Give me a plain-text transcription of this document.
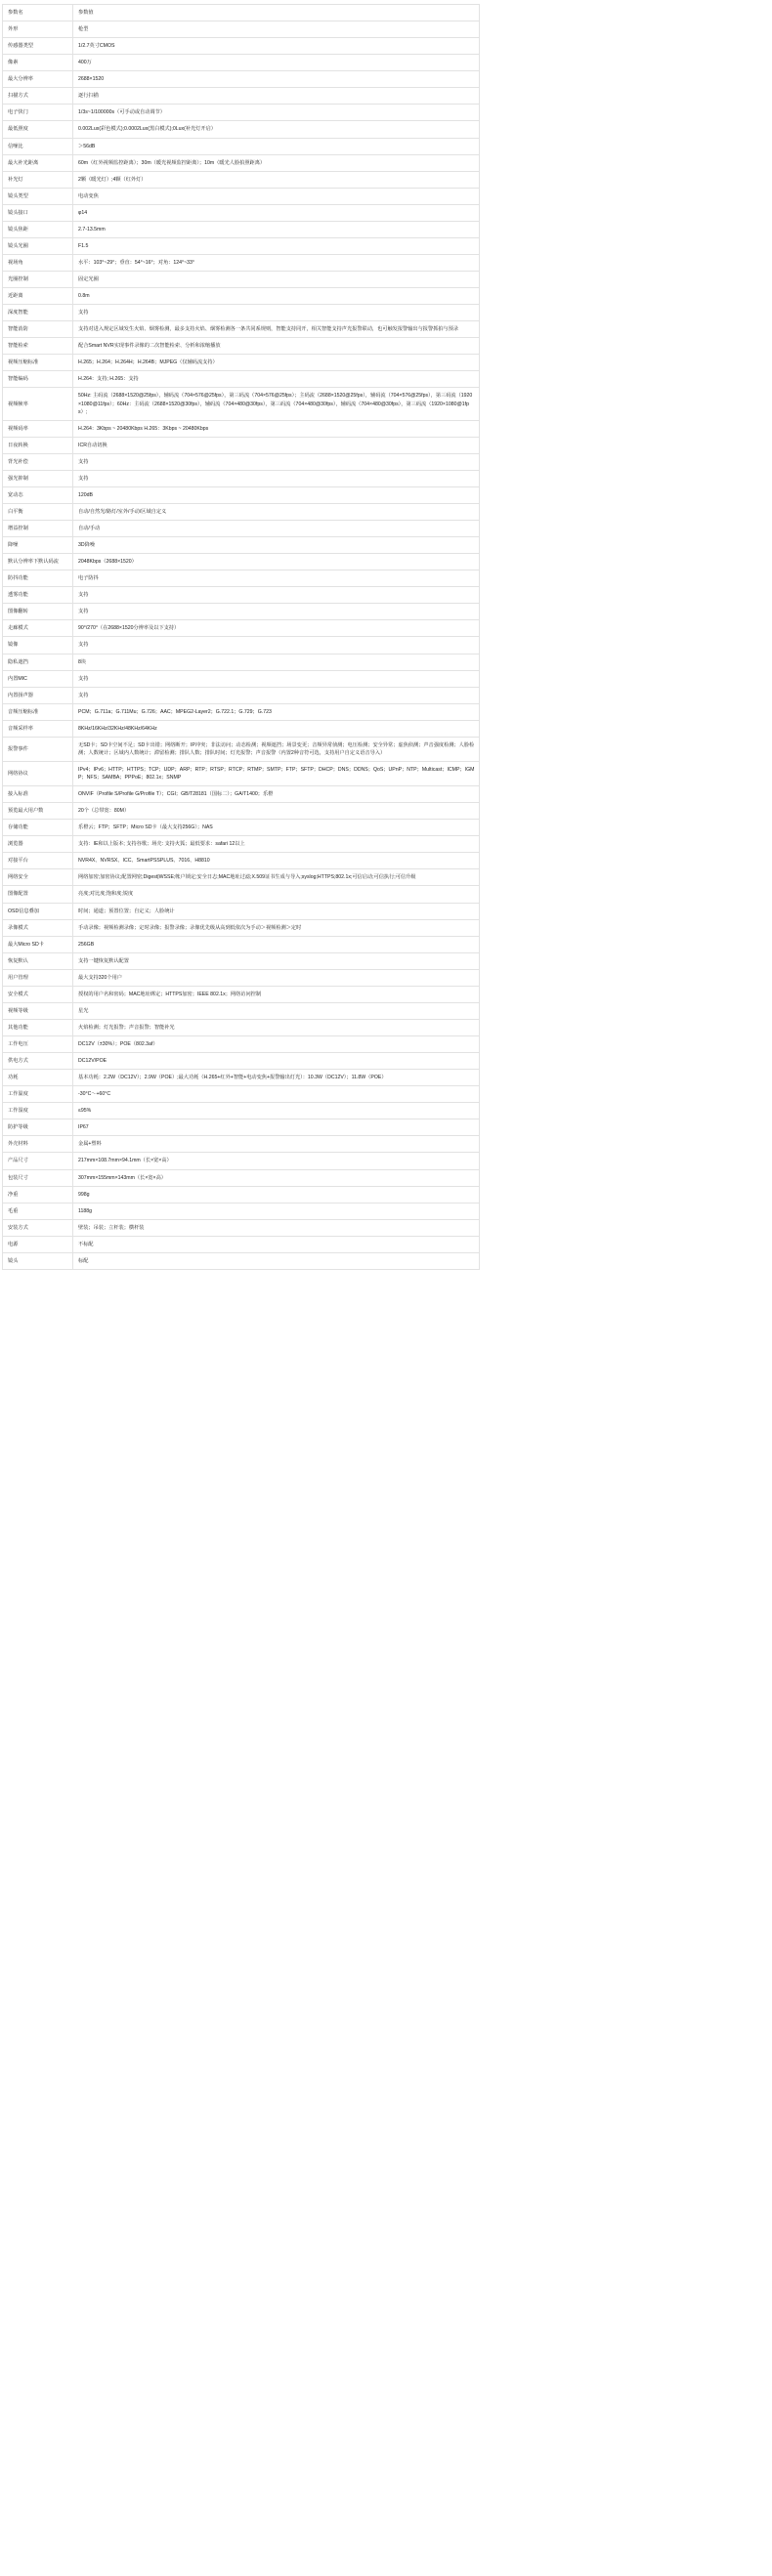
参数名	参数值
外形	枪型
传感器类型	1/2.7英寸CMOS
像素	400万
最大分辨率	2688×1520
扫描方式	逐行扫描
电子快门	1/3s~1/100000s（可手动或自动调节）
最低照度	0.002Lux(彩色模式);0.0002Lux(黑白模式);0Lux(补光灯开启）
信噪比	＞56dB
最大补光距离	60m（红外视频监控距离）；30m（暖光视频监控距离）；10m（暖光人脸拍照距离）
补光灯	2颗（暖光灯）;4颗（红外灯）
镜头类型	电动变焦
镜头接口	φ14
镜头焦距	2.7-13.5mm
镜头光圈	F1.5
视场角	水平：103°~29°；垂直：54°~16°；对角：124°~33°
光圈控制	固定光圈
近距离	0.8m
深度智能	支持
智能消防	支持对进入规定区域发生火焰、烟雾检测，最多支持火焰、烟雾检测各一条共同系规则，智能支持同开，相关智能支持声光报警联动，也可触发报警输出与报警抓拍与预录
智能检索	配合Smart NVR实现事件录像的二次智能检索、分析和浓缩播放
视频压缩标准	H.265；H.264；H.264H；H.264B；MJPEG（仅辅码流支持）
智能编码	H.264：支持; H.265：支持
视频帧率	50Hz: 主码流（2688×1520@25fps），辅码流（704×576@25fps），第三码流（704×576@25fps）；主码流（2688×1520@25fps），辅码流（704×576@25fps），第三码流（1920×1080@11fps）；60Hz：主码流（2688×1520@30fps），辅码流（704×480@30fps），第三码流（704×480@30fps），辅码流（704×480@30fps），第三码流（1920×1080@1fps）;
视频码率	H.264：3Kbps ~ 20480Kbps H.265：3Kbps ~ 20480Kbps
日夜转换	ICR自动切换
背光补偿	支持
强光抑制	支持
宽动态	120dB
白平衡	自动/自然光/路灯/室外/手动/区域自定义
增益控制	自动/手动
降噪	3D降噪
默认分辨率下默认码流	2048Kbps（2688×1520）
防抖功能	电子防抖
透雾功能	支持
图像翻转	支持
走廊模式	90°/270°（在2688×1520分辨率及以下支持）
镜像	支持
隐私遮挡	8块
内置MIC	支持
内置扬声器	支持
音频压缩标准	PCM；G.711a；G.711Mu；G.726；AAC；MPEG2-Layer2；G.722.1；G.729；G.723
音频采样率	8KHz/16KHz/32KHz/48KHz/64KHz
报警事件	无SD卡；SD卡空间不足；SD卡出错；网络断开；IP冲突；非法访问；动态检测；视频遮挡；场景变更；音频异常侦测；电压检测；安全异常；虚焦侦测；声音强度检测；人脸检测；人数统计；区域内人数统计；滞留检测；排队人数；排队时间；灯光报警；声音报警（内置2种音符可选，支持用户自定义语音导入）
网络协议	IPv4；IPv6；HTTP；HTTPS；TCP；UDP；ARP；RTP；RTSP；RTCP；RTMP；SMTP；FTP；SFTP；DHCP；DNS；DDNS；QoS；UPnP；NTP；Multicast；ICMP；IGMP；NFS；SAMBA；PPPoE；802.1x；SNMP
接入标准	ONVIF（Profile S/Profile G/Profile T）；CGI；GB/T28181（国标二）；GA/T1400；乐橙
预览最大用户数	20个（总带宽：80M）
存储功能	乐橙云；FTP；SFTP；Micro SD卡（最大支持256G）；NAS
浏览器	支持：IE和以上版本; 支持谷歌；场壳: 支持火狐；最低要求：safari 12以上
对接平台	NVR4X、NVRSX、ICC、SmartPSSPLUS、7016、H8810
网络安全	网络加密;加密协议;配置网密;Digest|WSSE;帐户锁定;安全日志;MAC地址过滤;X.509证书生成与导入;syslog;HTTPS;802.1x;可信启动;可信执行;可信升级
图像配置	亮度;对比度;饱和度;锐度
OSD信息叠加	时间；通道；预置位置；自定义；人脸统计
录像模式	手动录像；视频检测录像；定时录像；报警录像；录像优先级从高到低依次为手动＞视频检测＞定时
最大Micro SD卡	256GB
恢复默认	支持一键恢复默认配置
用户管理	最大支持320个用户
安全模式	授权的用户名和密码；MAC地址绑定；HTTPS加密；IEEE 802.1x；网络访问控制
视频等级	星光
其他功能	火焰检测；灯光报警；声音报警；智能补光
工作电压	DC12V（±30%）；POE（802.3af）
供电方式	DC12V/POE
功耗	基本功耗：2.2W（DC12V）；2.9W（POE）;最大功耗（H.265+红外+智能+电动变焦+报警输出灯光）：10.3W（DC12V）；11.8W（POE）
工作温度	-30°C～+60°C
工作湿度	≤95%
防护等级	IP67
外壳材料	金属+塑料
产品尺寸	217mm×108.7mm×94.1mm（长×宽×高）
包装尺寸	307mm×155mm×143mm（长×宽×高）
净重	998g
毛重	1188g
安装方式	壁装；吊装；立杆装；横杆装
电源	不标配
镜头	标配
